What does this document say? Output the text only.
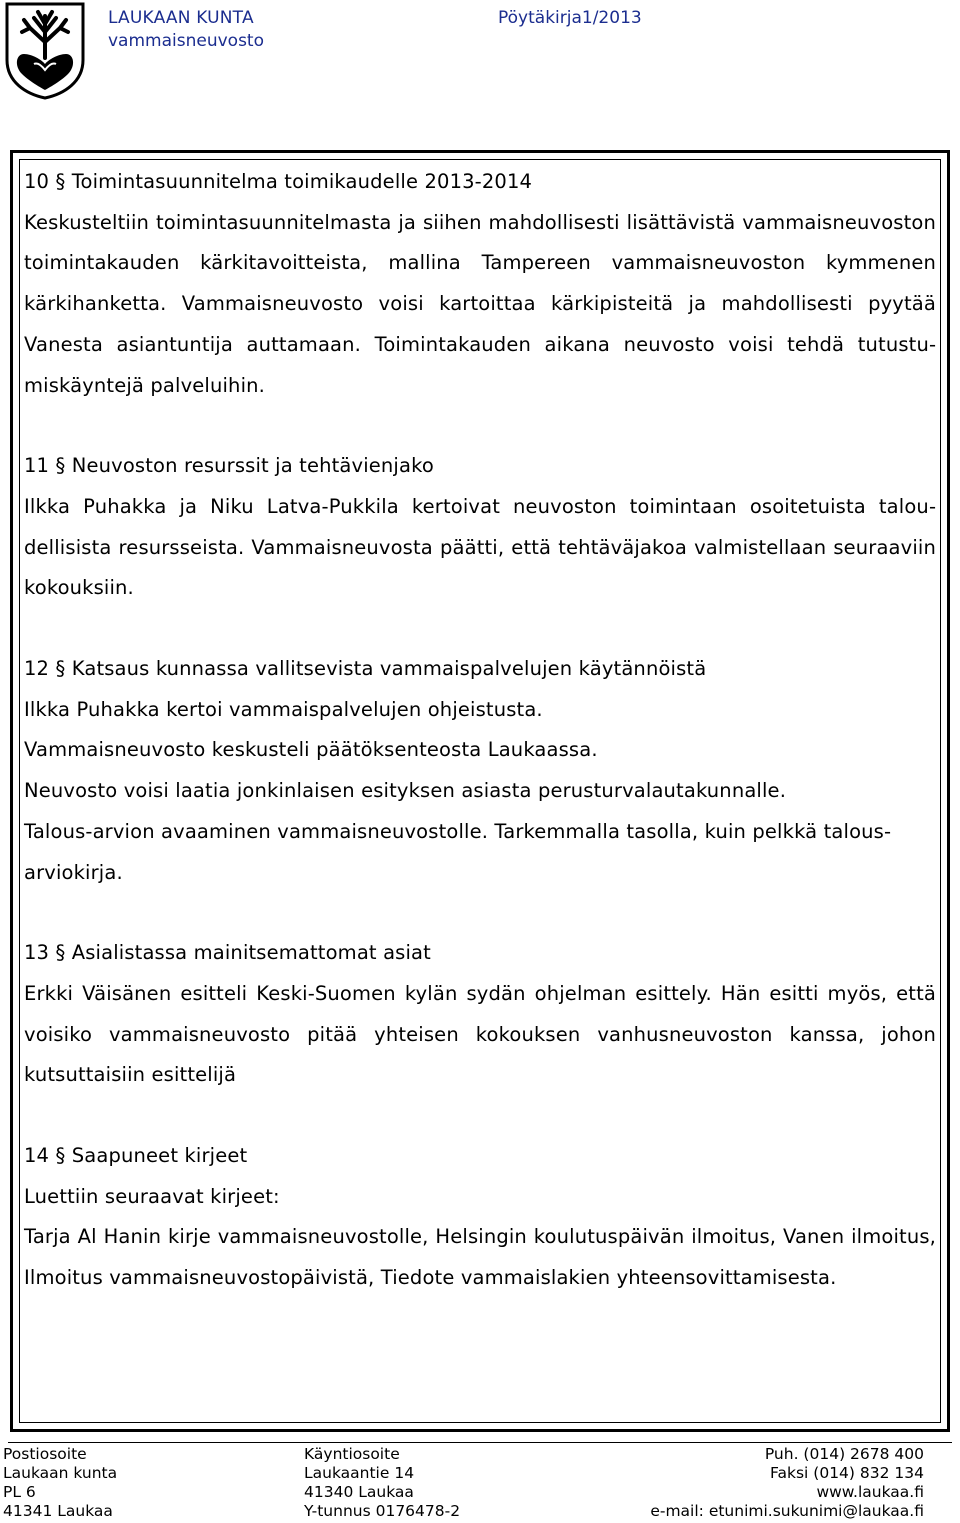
LAUKAAN KUNTA	Pöytäkirja1/2013
vammaisneuvosto

10 § Toimintasuunnitelma toimikaudelle 2013-2014

Keskusteltiin toimintasuunnitelmasta ja siihen mahdollisesti lisättävistä vammaisneuvoston toimintakauden kärkitavoitteista, mallina Tampereen vammaisneuvoston kymmenen kärkihanketta. Vammaisneuvosto voisi kartoittaa kärkipisteitä ja mahdollisesti pyytää Vanesta asiantuntija auttamaan. Toimintakauden aikana neuvosto voisi tehdä tutustumiskäyntejä palveluihin.

11 § Neuvoston resurssit ja tehtävienjako

Ilkka Puhakka ja Niku Latva-Pukkila kertoivat neuvoston toimintaan osoitetuista taloudellisista resursseista. Vammaisneuvosta päätti, että tehtäväjakoa valmistellaan seuraaviin kokouksiin.

12 § Katsaus kunnassa vallitsevista vammaispalvelujen käytännöistä

Ilkka Puhakka kertoi vammaispalvelujen ohjeistusta.

Vammaisneuvosto keskusteli päätöksenteosta Laukaassa.

Neuvosto voisi laatia jonkinlaisen esityksen asiasta perusturvalautakunnalle.

Talous-arvion avaaminen vammaisneuvostolle. Tarkemmalla tasolla, kuin pelkkä talousarviokirja.

13 § Asialistassa mainitsemattomat asiat

Erkki Väisänen esitteli Keski-Suomen kylän sydän ohjelman esittely. Hän esitti myös, että voisiko vammaisneuvosto pitää yhteisen kokouksen vanhusneuvoston kanssa, johon kutsuttaisiin esittelijä

14 § Saapuneet kirjeet

Luettiin seuraavat kirjeet:

Tarja Al Hanin kirje vammaisneuvostolle, Helsingin koulutuspäivän ilmoitus, Vanen ilmoitus, Ilmoitus vammaisneuvostopäivistä, Tiedote vammaislakien yhteensovittamisesta.

Postiosoite
Laukaan kunta
PL 6
41341 Laukaa
Käyntiosoite
Laukaantie 14
41340 Laukaa
Y-tunnus 0176478-2
Puh. (014) 2678 400
Faksi (014) 832 134
www.laukaa.fi
e-mail: etunimi.sukunimi@laukaa.fi
